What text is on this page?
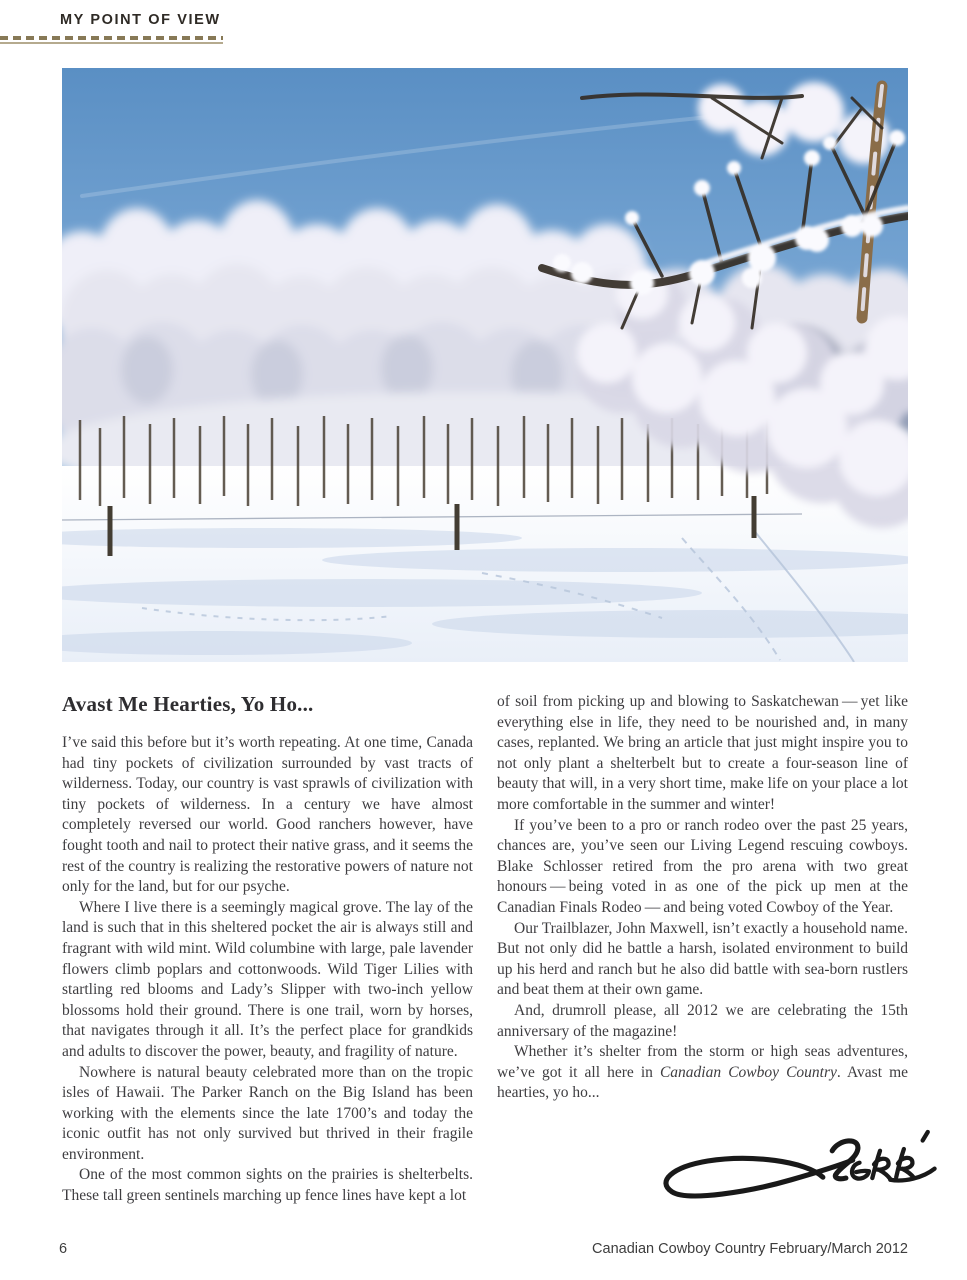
MY POINT OF VIEW
Avast Me Hearties, Yo Ho...

I’ve said this before but it’s worth repeating. At one time, Canada had tiny pockets of civilization surrounded by vast tracts of wilderness. Today, our country is vast sprawls of civilization with tiny pockets of wilderness. In a century we have almost completely reversed our world. Good ranchers however, have fought tooth and nail to protect their native grass, and it seems the rest of the country is realizing the restorative powers of nature not only for the land, but for our psyche.

Where I live there is a seemingly magical grove. The lay of the land is such that in this sheltered pocket the air is always still and fragrant with wild mint. Wild columbine with large, pale lavender flowers climb poplars and cottonwoods. Wild Tiger Lilies with startling red blooms and Lady’s Slipper with two-inch yellow blossoms hold their ground. There is one trail, worn by horses, that navigates through it all. It’s the perfect place for grandkids and adults to discover the power, beauty, and fragility of nature.

Nowhere is natural beauty celebrated more than on the tropic isles of Hawaii. The Parker Ranch on the Big Island has been working with the elements since the late 1700’s and today the iconic outfit has not only survived but thrived in their fragile environment.

One of the most common sights on the prairies is shelterbelts. These tall green sentinels marching up fence lines have kept a lot

of soil from picking up and blowing to Saskatchewan — yet like everything else in life, they need to be nourished and, in many cases, replanted. We bring an article that just might inspire you to not only plant a shelterbelt but to create a four-season line of beauty that will, in a very short time, make life on your place a lot more comfortable in the summer and winter!

If you’ve been to a pro or ranch rodeo over the past 25 years, chances are, you’ve seen our Living Legend rescuing cowboys. Blake Schlosser retired from the pro arena with two great honours — being voted in as one of the pick up men at the Canadian Finals Rodeo — and being voted Cowboy of the Year.

Our Trailblazer, John Maxwell, isn’t exactly a household name. But not only did he battle a harsh, isolated environment to build up his herd and ranch but he also did battle with sea-born rustlers and beat them at their own game.

And, drumroll please, all 2012 we are celebrating the 15th anniversary of the magazine!

Whether it’s shelter from the storm or high seas adventures, we’ve got it all here in Canadian Cowboy Country. Avast me hearties, yo ho...

6	Canadian Cowboy Country February/March 2012
